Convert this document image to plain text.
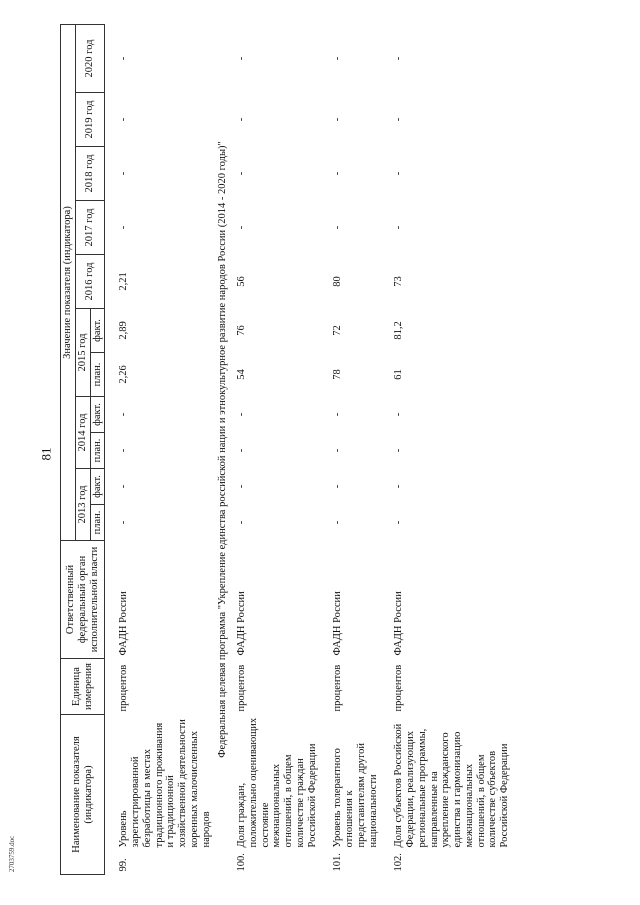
81
Наименование показателя (индикатора)		Единица измерения	Ответственный федеральный орган исполнительной власти	Значение показателя (индикатора)										
				2013 год		2014 год		2015 год		2016 год	2017 год	2018 год	2019 год	2020 год
				план.	факт.	план.	факт.	план.	факт.					

99.	Уровень зарегистрированной безработицы в местах традиционного проживания и традиционной хозяйственной деятельности коренных малочисленных народов	процентов	ФАДН России	-	-	-	-	2,26	2,89	2,21	-	-	-	-
Федеральная целевая программа "Укрепление единства российской нации и этнокультурное развитие народов России (2014 - 2020 годы)"														
100.	Доля граждан, положительно оценивающих состояние межнациональных отношений, в общем количестве граждан Российской Федерации	процентов	ФАДН России	-	-	-	-	54	76	56	-	-	-	-

101.	Уровень толерантного отношения к представителям другой национальности	процентов	ФАДН России	-	-	-	-	78	72	80	-	-	-	-

102.	Доля субъектов Российской Федерации, реализующих региональные программы, направленные на укрепление гражданского единства и гармонизацию межнациональных отношений, в общем количестве субъектов Российской Федерации	процентов	ФАДН России	-	-	-	-	61	81,2	73	-	-	-	-
2703759.doc
